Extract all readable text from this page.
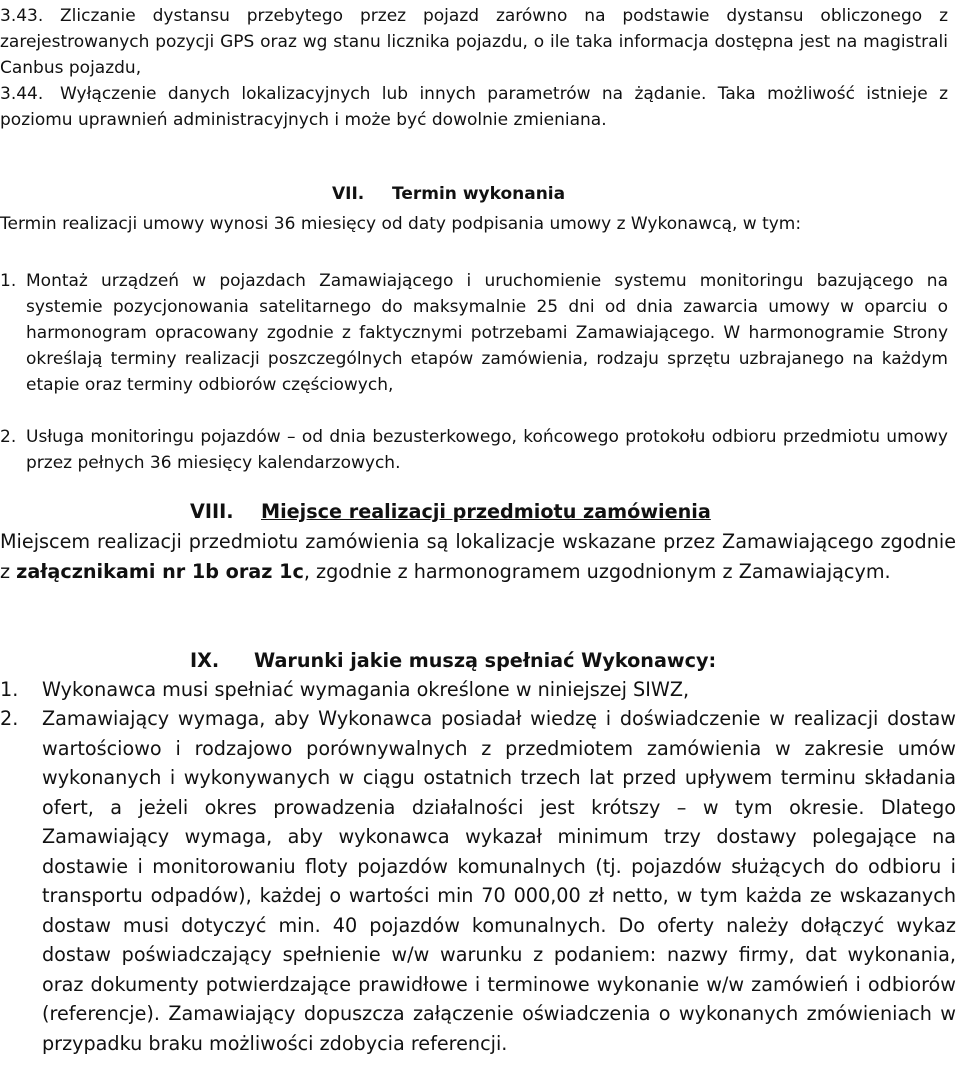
3.43. Zliczanie dystansu przebytego przez pojazd zarówno na podstawie dystansu obliczonego z zarejestrowanych pozycji GPS oraz wg stanu licznika pojazdu, o ile taka informacja dostępna jest na magistrali Canbus pojazdu,
3.44. Wyłączenie danych lokalizacyjnych lub innych parametrów na żądanie. Taka możliwość istnieje z poziomu uprawnień administracyjnych i może być dowolnie zmieniana.
VII. Termin wykonania
Termin realizacji umowy wynosi 36 miesięcy od daty podpisania umowy z Wykonawcą, w tym:
1. Montaż urządzeń w pojazdach Zamawiającego i uruchomienie systemu monitoringu bazującego na systemie pozycjonowania satelitarnego do maksymalnie 25 dni od dnia zawarcia umowy w oparciu o harmonogram opracowany zgodnie z faktycznymi potrzebami Zamawiającego. W harmonogramie Strony określają terminy realizacji poszczególnych etapów zamówienia, rodzaju sprzętu uzbrajanego na każdym etapie oraz terminy odbiorów częściowych,
2. Usługa monitoringu pojazdów – od dnia bezusterkowego, końcowego protokołu odbioru przedmiotu umowy przez pełnych 36 miesięcy kalendarzowych.
VIII. Miejsce realizacji przedmiotu zamówienia
Miejscem realizacji przedmiotu zamówienia są lokalizacje wskazane przez Zamawiającego zgodnie z załącznikami nr 1b oraz 1c, zgodnie z harmonogramem uzgodnionym z Zamawiającym.
IX. Warunki jakie muszą spełniać Wykonawcy:
1. Wykonawca musi spełniać wymagania określone w niniejszej SIWZ,
2. Zamawiający wymaga, aby Wykonawca posiadał wiedzę i doświadczenie w realizacji dostaw wartościowo i rodzajowo porównywalnych z przedmiotem zamówienia w zakresie umów wykonanych i wykonywanych w ciągu ostatnich trzech lat przed upływem terminu składania ofert, a jeżeli okres prowadzenia działalności jest krótszy – w tym okresie. Dlatego Zamawiający wymaga, aby wykonawca wykazał minimum trzy dostawy polegające na dostawie i monitorowaniu floty pojazdów komunalnych (tj. pojazdów służących do odbioru i transportu odpadów), każdej o wartości min 70 000,00 zł netto, w tym każda ze wskazanych dostaw musi dotyczyć min. 40 pojazdów komunalnych. Do oferty należy dołączyć wykaz dostaw poświadczający spełnienie w/w warunku z podaniem: nazwy firmy, dat wykonania, oraz dokumenty potwierdzające prawidłowe i terminowe wykonanie w/w zamówień i odbiorów (referencje). Zamawiający dopuszcza załączenie oświadczenia o wykonanych zmówieniach w przypadku braku możliwości zdobycia referencji.
